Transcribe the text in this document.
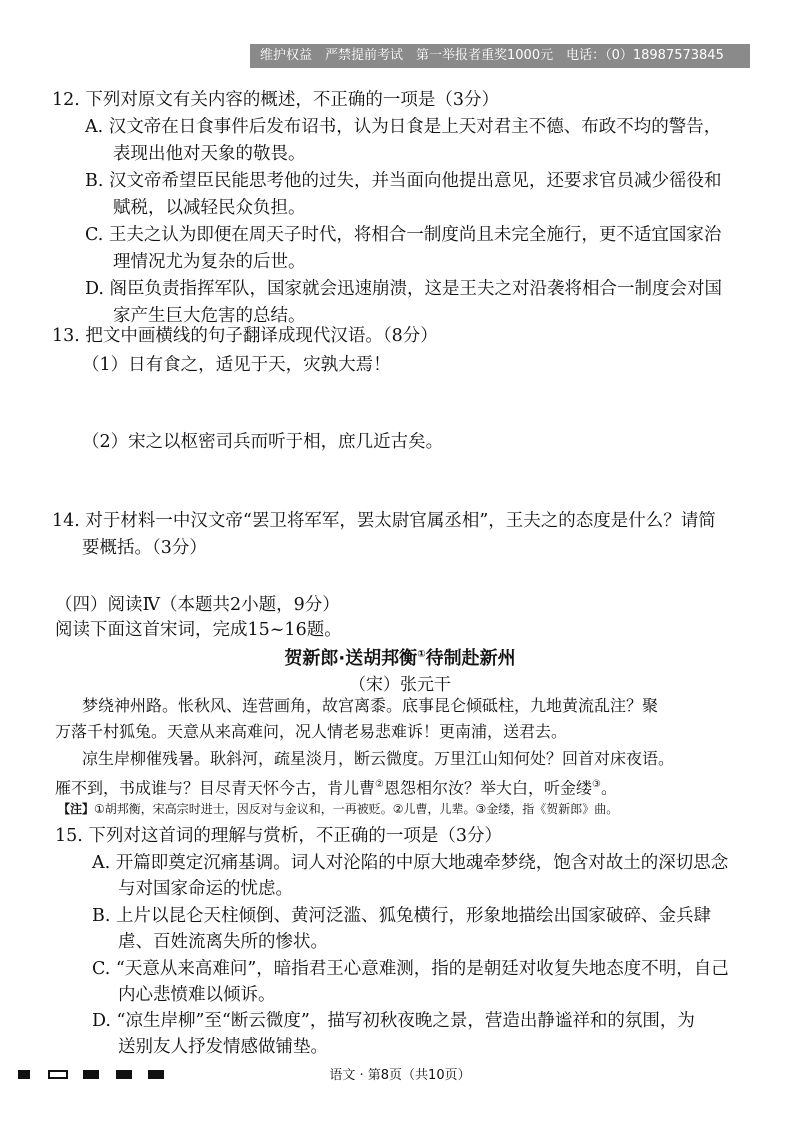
维护权益　严禁提前考试　第一举报者重奖1000元　电话：（0）18987573845
12. 下列对原文有关内容的概述，不正确的一项是（3分）
A. 汉文帝在日食事件后发布诏书，认为日食是上天对君主不德、布政不均的警告，
表现出他对天象的敬畏。
B. 汉文帝希望臣民能思考他的过失，并当面向他提出意见，还要求官员减少徭役和
赋税，以减轻民众负担。
C. 王夫之认为即便在周天子时代，将相合一制度尚且未完全施行，更不适宜国家治
理情况尤为复杂的后世。
D. 阁臣负责指挥军队，国家就会迅速崩溃，这是王夫之对沿袭将相合一制度会对国
家产生巨大危害的总结。
13. 把文中画横线的句子翻译成现代汉语。（8分）
（1）日有食之，适见于天，灾孰大焉！
（2）宋之以枢密司兵而听于相，庶几近古矣。
14. 对于材料一中汉文帝“罢卫将军军，罢太尉官属丞相”，王夫之的态度是什么？请简
要概括。（3分）
（四）阅读Ⅳ（本题共2小题，9分）
阅读下面这首宋词，完成15~16题。
贺新郎·送胡邦衡①待制赴新州
（宋）张元干
梦绕神州路。怅秋风、连营画角，故宫离黍。底事昆仑倾砥柱，九地黄流乱注？聚
万落千村狐兔。天意从来高难问，况人情老易悲难诉！更南浦，送君去。
凉生岸柳催残暑。耿斜河，疏星淡月，断云微度。万里江山知何处？回首对床夜语。
雁不到，书成谁与？目尽青天怀今古，肯儿曹②恩怨相尔汝？举大白，听金缕③。
【注】①胡邦衡，宋高宗时进士，因反对与金议和，一再被贬。②儿曹，儿辈。③金缕，指《贺新郎》曲。
15. 下列对这首词的理解与赏析，不正确的一项是（3分）
A. 开篇即奠定沉痛基调。词人对沦陷的中原大地魂牵梦绕，饱含对故土的深切思念
与对国家命运的忧虑。
B. 上片以昆仑天柱倾倒、黄河泛滥、狐兔横行，形象地描绘出国家破碎、金兵肆
虐、百姓流离失所的惨状。
C. “天意从来高难问”，暗指君王心意难测，指的是朝廷对收复失地态度不明，自己
内心悲愤难以倾诉。
D. “凉生岸柳”至“断云微度”，描写初秋夜晚之景，营造出静谧祥和的氛围，为
送别友人抒发情感做铺垫。
语文 · 第8页（共10页）
